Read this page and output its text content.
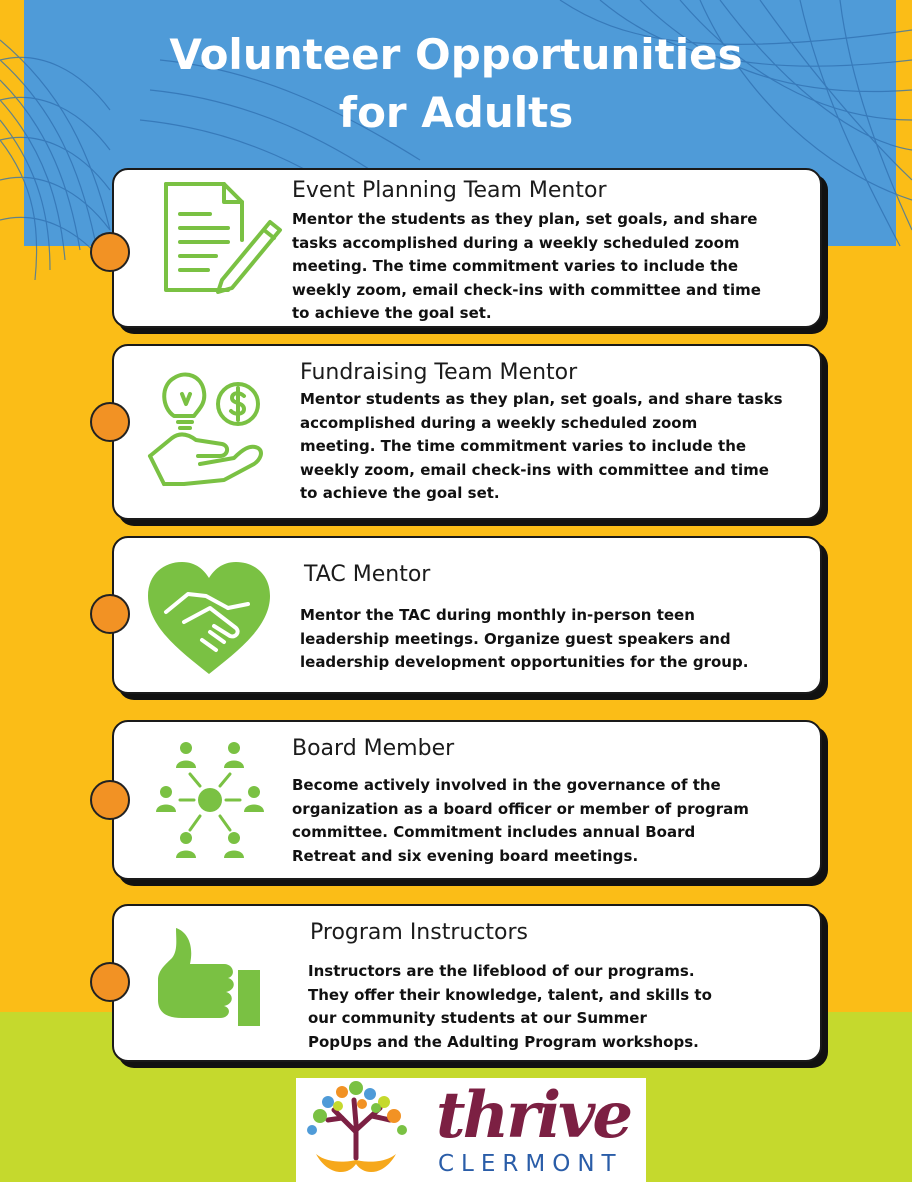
Volunteer Opportunities
for Adults

Event Planning Team Mentor

Mentor the students as they plan, set goals, and share
tasks accomplished during a weekly scheduled zoom
meeting. The time commitment varies to include the
weekly zoom, email check-ins with committee and time
to achieve the goal set.

Fundraising Team Mentor

Mentor students as they plan, set goals, and share tasks
accomplished during a weekly scheduled zoom
meeting. The time commitment varies to include the
weekly zoom, email check-ins with committee and time
to achieve the goal set.

TAC Mentor

Mentor the TAC during monthly in-person teen
leadership meetings. Organize guest speakers and
leadership development opportunities for the group.

Board Member

Become actively involved in the governance of the
organization as a board officer or member of program
committee. Commitment includes annual Board
Retreat and six evening board meetings.

Program Instructors

Instructors are the lifeblood of our programs.
They offer their knowledge, talent, and skills to
our community students at our Summer
PopUps and the Adulting Program workshops.
thrive
CLERMONT
